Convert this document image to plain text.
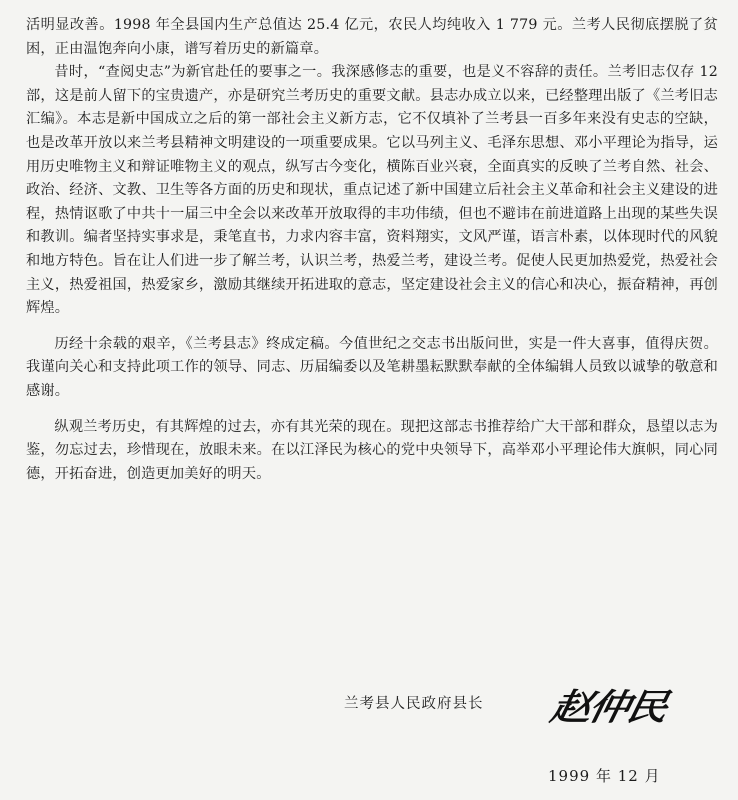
活明显改善。1998 年全县国内生产总值达 25.4 亿元，农民人均纯收入 1 779 元。兰考人民彻底摆脱了贫困，正由温饱奔向小康，谱写着历史的新篇章。

昔时，“查阅史志”为新官赴任的要事之一。我深感修志的重要，也是义不容辞的责任。兰考旧志仅存 12 部，这是前人留下的宝贵遗产，亦是研究兰考历史的重要文献。县志办成立以来，已经整理出版了《兰考旧志汇编》。本志是新中国成立之后的第一部社会主义新方志，它不仅填补了兰考县一百多年来没有史志的空缺，也是改革开放以来兰考县精神文明建设的一项重要成果。它以马列主义、毛泽东思想、邓小平理论为指导，运用历史唯物主义和辩证唯物主义的观点，纵写古今变化，横陈百业兴衰，全面真实的反映了兰考自然、社会、政治、经济、文教、卫生等各方面的历史和现状，重点记述了新中国建立后社会主义革命和社会主义建设的进程，热情讴歌了中共十一届三中全会以来改革开放取得的丰功伟绩，但也不避讳在前进道路上出现的某些失误和教训。编者坚持实事求是，秉笔直书，力求内容丰富，资料翔实，文风严谨，语言朴素，以体现时代的风貌和地方特色。旨在让人们进一步了解兰考，认识兰考，热爱兰考，建设兰考。促使人民更加热爱党，热爱社会主义，热爱祖国，热爱家乡，激励其继续开拓进取的意志，坚定建设社会主义的信心和决心，振奋精神，再创辉煌。

历经十余载的艰辛，《兰考县志》终成定稿。今值世纪之交志书出版问世，实是一件大喜事，值得庆贺。我谨向关心和支持此项工作的领导、同志、历届编委以及笔耕墨耘默默奉献的全体编辑人员致以诚挚的敬意和感谢。

纵观兰考历史，有其辉煌的过去，亦有其光荣的现在。现把这部志书推荐给广大干部和群众，恳望以志为鉴，勿忘过去，珍惜现在，放眼未来。在以江泽民为核心的党中央领导下，高举邓小平理论伟大旗帜，同心同德，开拓奋进，创造更加美好的明天。

兰考县人民政府县长 赵仲民
1999 年 12 月
